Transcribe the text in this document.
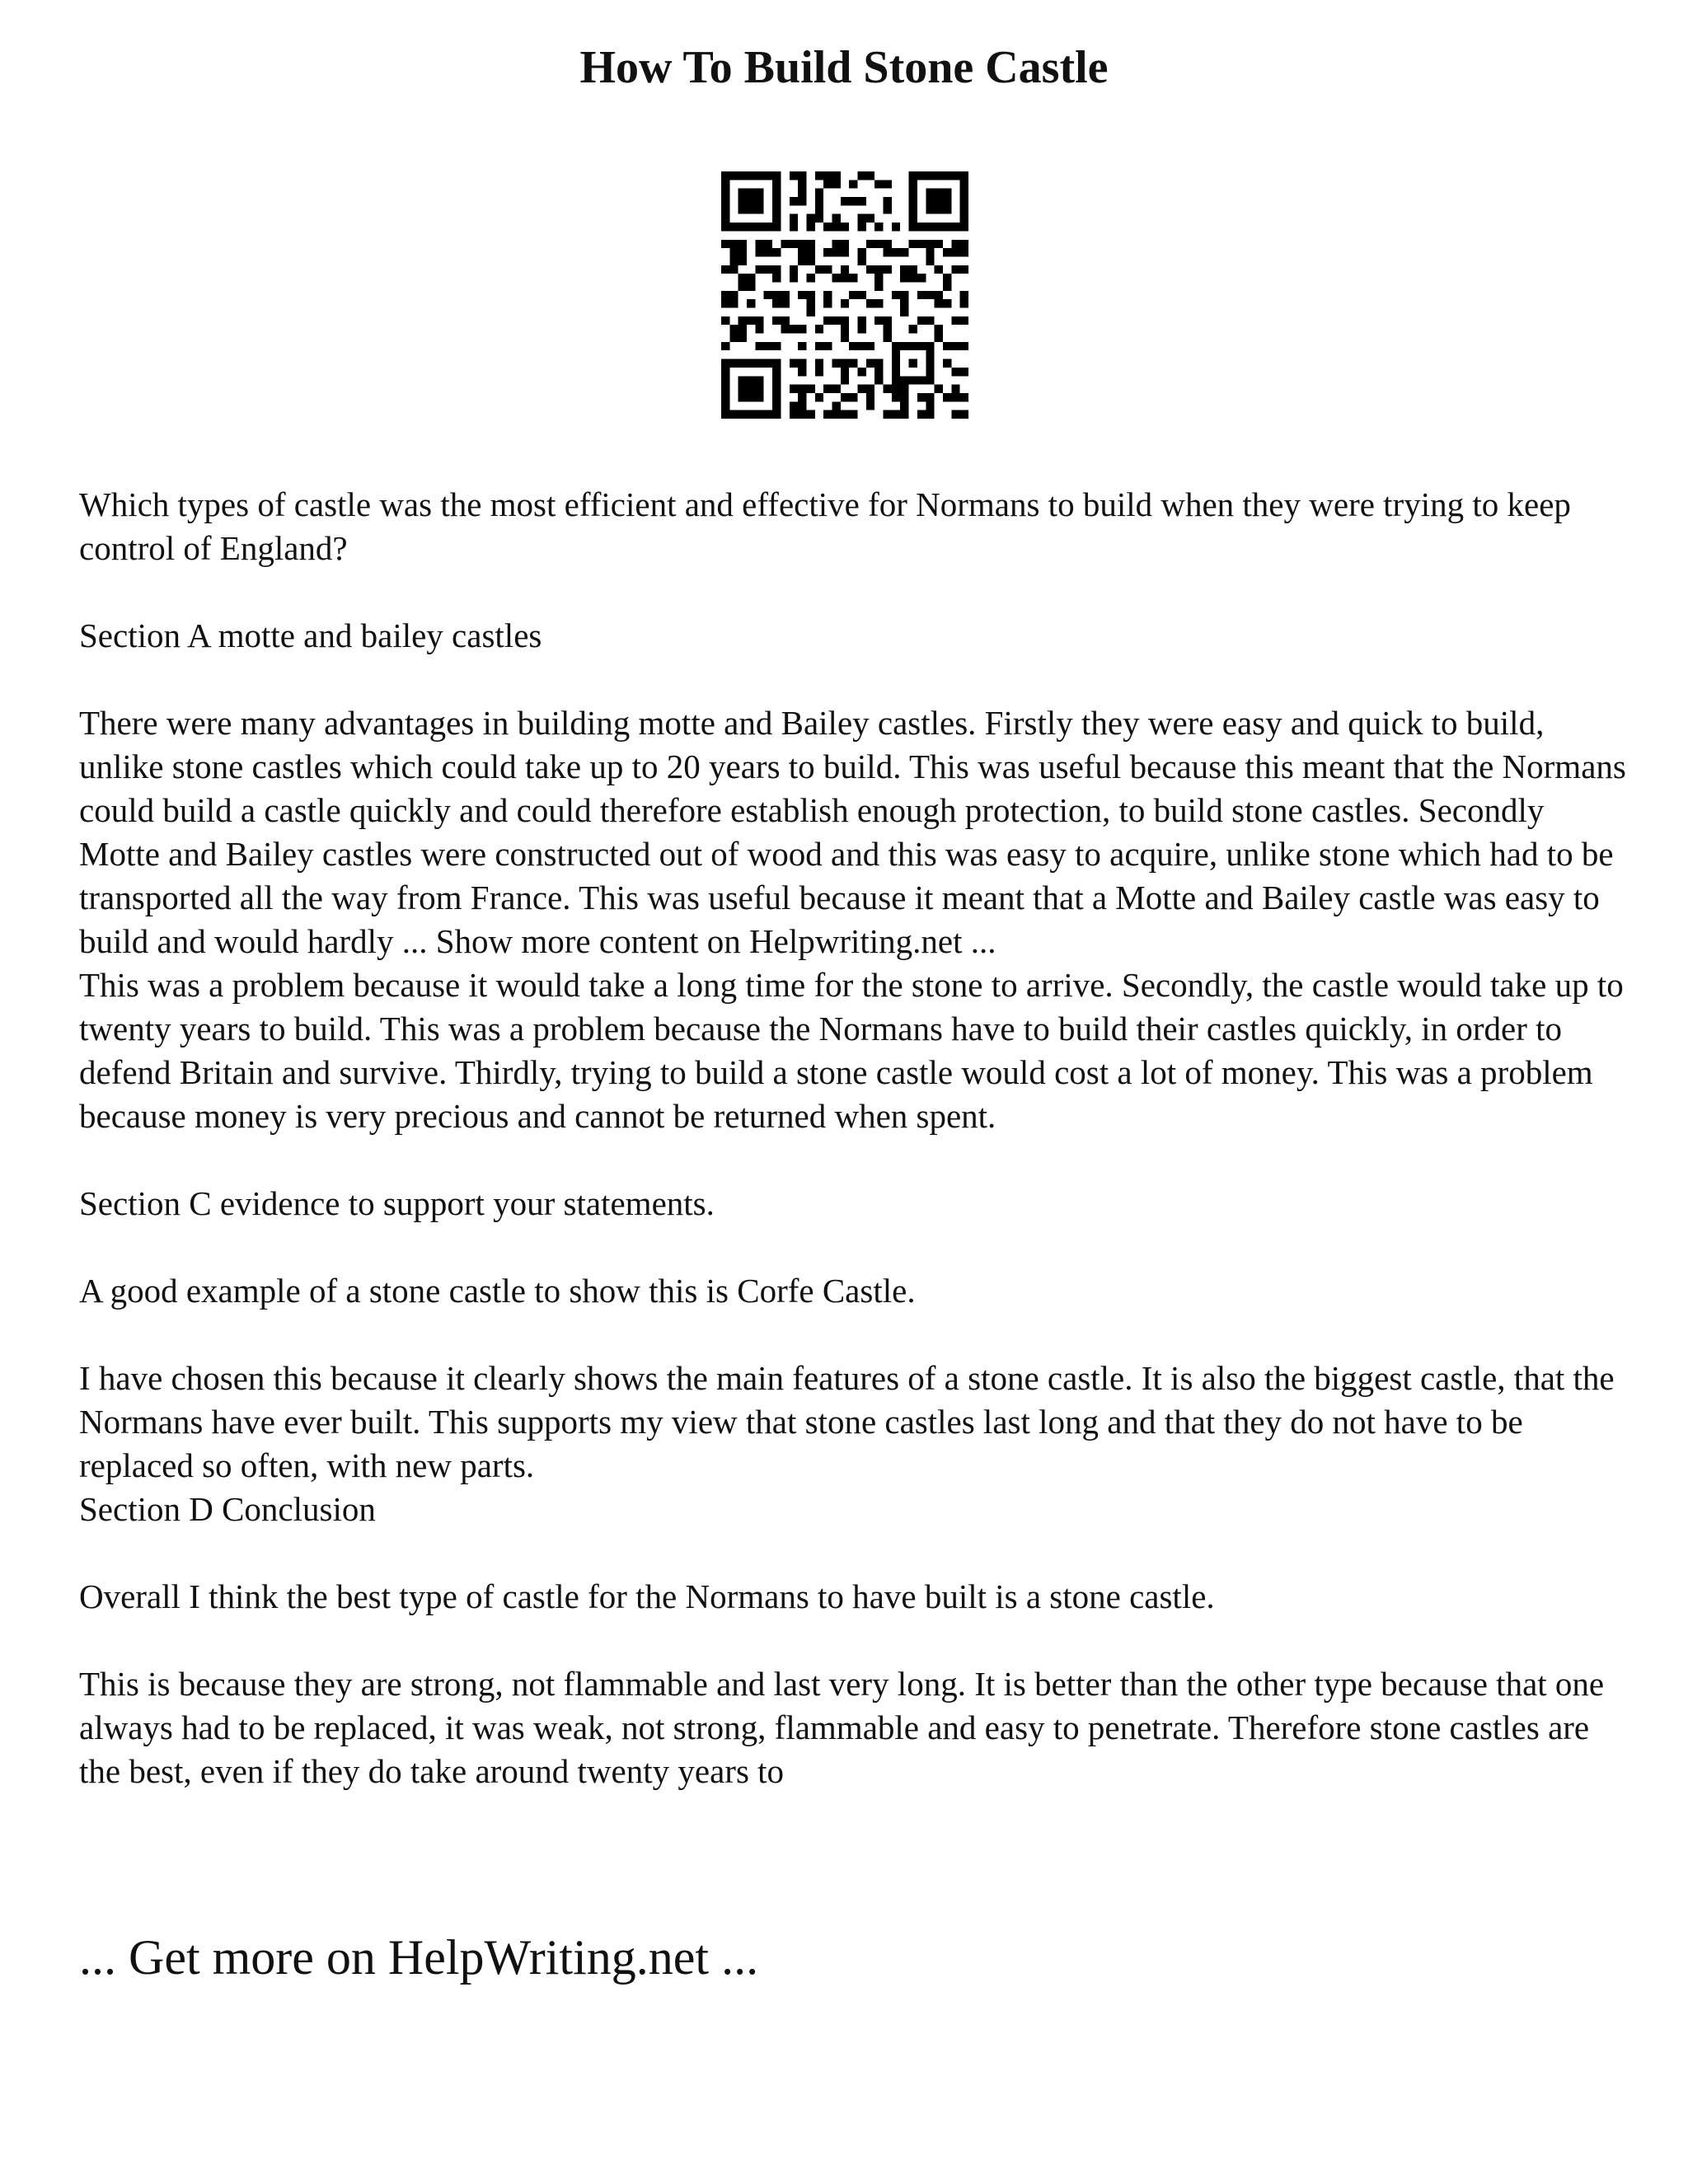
How To Build Stone Castle

Which types of castle was the most efficient and effective for Normans to build when they were trying to keep control of England?

Section A motte and bailey castles

There were many advantages in building motte and Bailey castles. Firstly they were easy and quick to build, unlike stone castles which could take up to 20 years to build. This was useful because this meant that the Normans could build a castle quickly and could therefore establish enough protection, to build stone castles. Secondly Motte and Bailey castles were constructed out of wood and this was easy to acquire, unlike stone which had to be transported all the way from France. This was useful because it meant that a Motte and Bailey castle was easy to build and would hardly ... Show more content on Helpwriting.net ...

This was a problem because it would take a long time for the stone to arrive. Secondly, the castle would take up to twenty years to build. This was a problem because the Normans have to build their castles quickly, in order to defend Britain and survive. Thirdly, trying to build a stone castle would cost a lot of money. This was a problem because money is very precious and cannot be returned when spent.

Section C evidence to support your statements.

A good example of a stone castle to show this is Corfe Castle.

I have chosen this because it clearly shows the main features of a stone castle. It is also the biggest castle, that the Normans have ever built. This supports my view that stone castles last long and that they do not have to be replaced so often, with new parts.

Section D Conclusion

Overall I think the best type of castle for the Normans to have built is a stone castle.

This is because they are strong, not flammable and last very long. It is better than the other type because that one always had to be replaced, it was weak, not strong, flammable and easy to penetrate. Therefore stone castles are the best, even if they do take around twenty years to

... Get more on HelpWriting.net ...
